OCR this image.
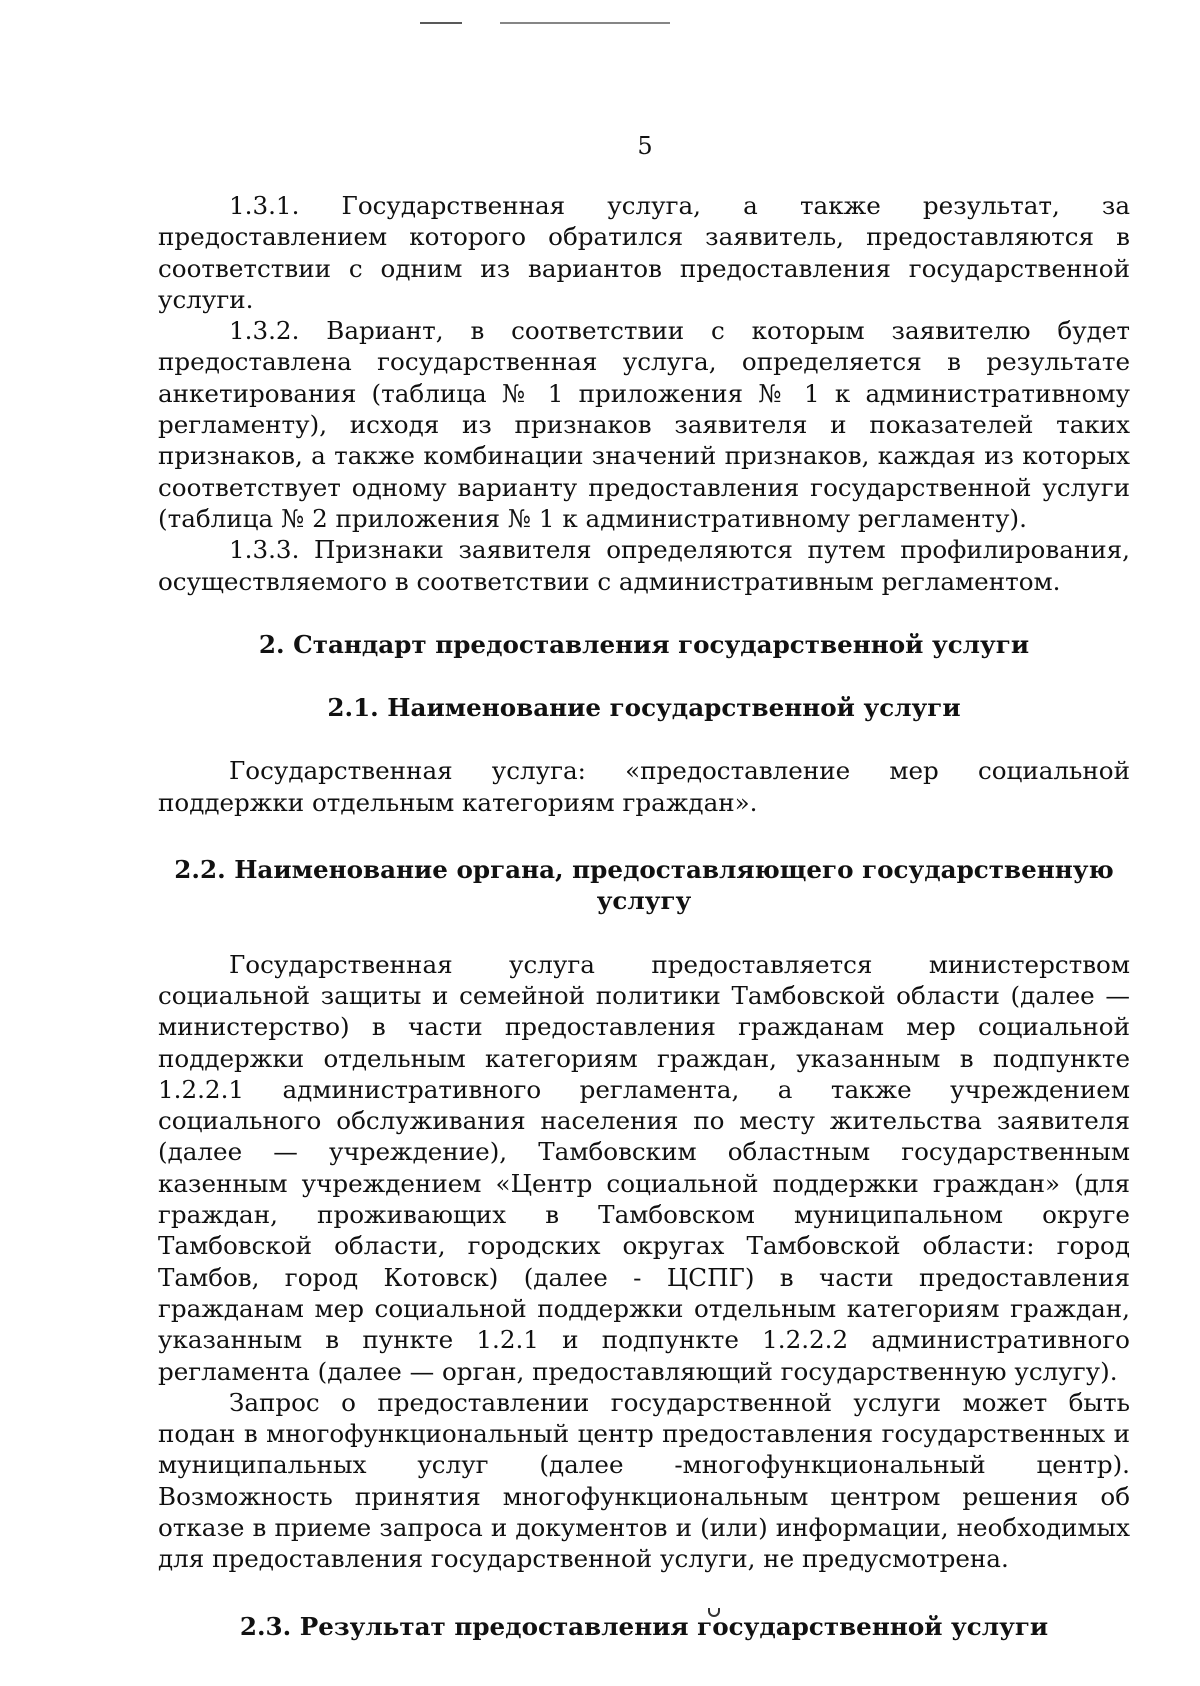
5

1.3.1. Государственная услуга, а также результат, за предоставлением которого обратился заявитель, предоставляются в соответствии с одним из вариантов предоставления государственной услуги.

1.3.2. Вариант, в соответствии с которым заявителю будет предоставлена государственная услуга, определяется в результате анкетирования (таблица № 1 приложения № 1 к административному регламенту), исходя из признаков заявителя и показателей таких признаков, а также комбинации значений признаков, каждая из которых соответствует одному варианту предоставления государственной услуги (таблица № 2 приложения № 1 к административному регламенту).

1.3.3. Признаки заявителя определяются путем профилирования, осуществляемого в соответствии с административным регламентом.

2. Стандарт предоставления государственной услуги
2.1. Наименование государственной услуги

Государственная услуга: «предоставление мер социальной поддержки отдельным категориям граждан».

2.2. Наименование органа, предоставляющего государственную услугу

Государственная услуга предоставляется министерством социальной защиты и семейной политики Тамбовской области (далее — министерство) в части предоставления гражданам мер социальной поддержки отдельным категориям граждан, указанным в подпункте 1.2.2.1 административного регламента, а также учреждением социального обслуживания населения по месту жительства заявителя (далее — учреждение), Тамбовским областным государственным казенным учреждением «Центр социальной поддержки граждан» (для граждан, проживающих в Тамбовском муниципальном округе Тамбовской области, городских округах Тамбовской области: город Тамбов, город Котовск) (далее - ЦСПГ) в части предоставления гражданам мер социальной поддержки отдельным категориям граждан, указанным в пункте 1.2.1 и подпункте 1.2.2.2 административного регламента (далее — орган, предоставляющий государственную услугу).

Запрос о предоставлении государственной услуги может быть подан в многофункциональный центр предоставления государственных и муниципальных услуг (далее -многофункциональный центр). Возможность принятия многофункциональным центром решения об отказе в приеме запроса и документов и (или) информации, необходимых для предоставления государственной услуги, не предусмотрена.

2.3. Результат предоставления государственной услуги
